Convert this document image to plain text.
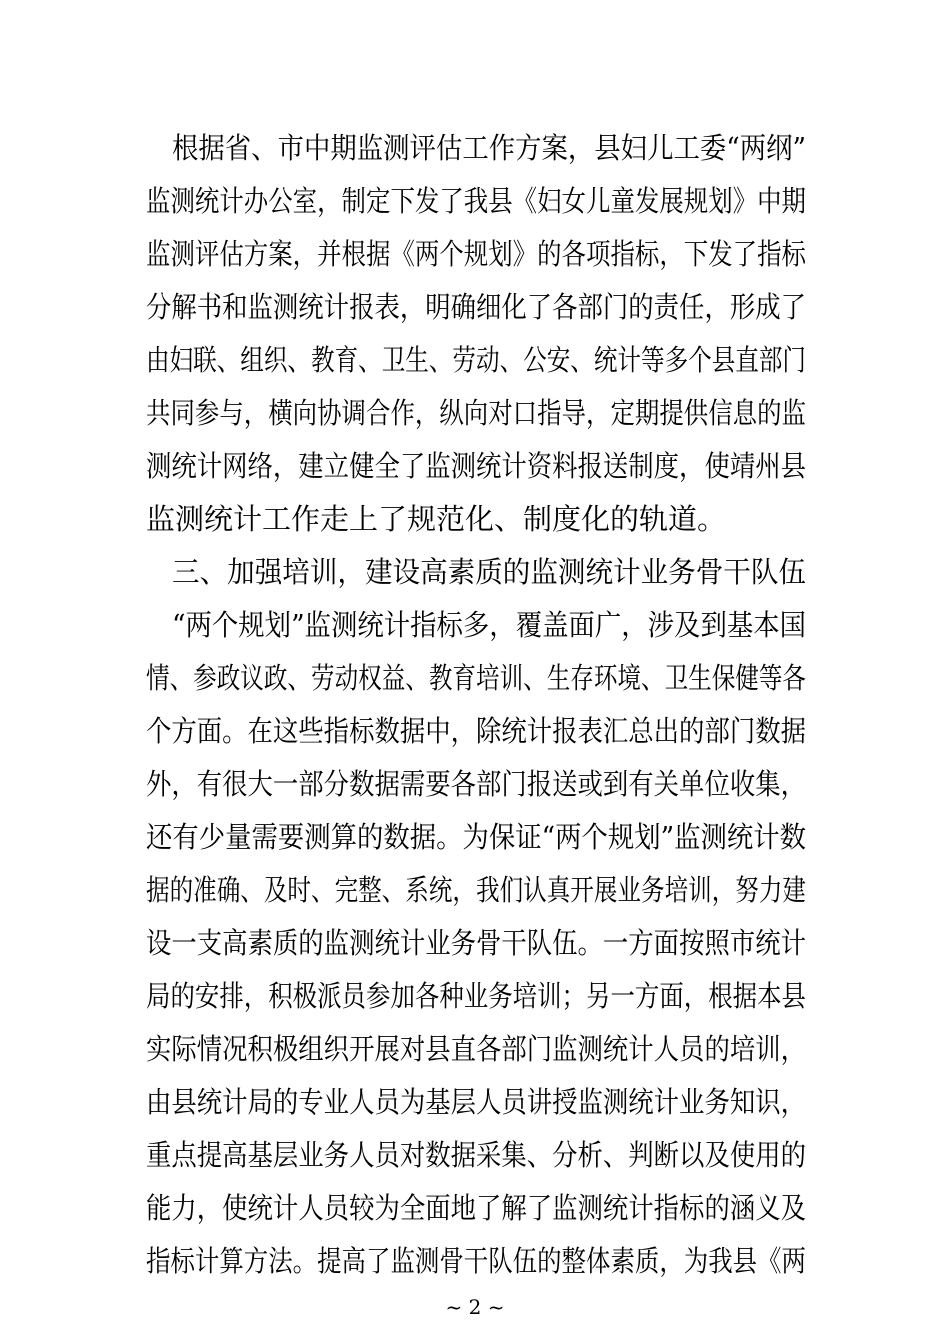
根据省、市中期监测评估工作方案，县妇儿工委“两纲”
监测统计办公室，制定下发了我县《妇女儿童发展规划》中期
监测评估方案，并根据《两个规划》的各项指标，下发了指标
分解书和监测统计报表，明确细化了各部门的责任，形成了
由妇联、组织、教育、卫生、劳动、公安、统计等多个县直部门
共同参与，横向协调合作，纵向对口指导，定期提供信息的监
测统计网络，建立健全了监测统计资料报送制度，使靖州县
监测统计工作走上了规范化、制度化的轨道。
三、加强培训，建设高素质的监测统计业务骨干队伍
“两个规划”监测统计指标多，覆盖面广，涉及到基本国
情、参政议政、劳动权益、教育培训、生存环境、卫生保健等各
个方面。在这些指标数据中，除统计报表汇总出的部门数据
外，有很大一部分数据需要各部门报送或到有关单位收集，
还有少量需要测算的数据。为保证“两个规划”监测统计数
据的准确、及时、完整、系统，我们认真开展业务培训，努力建
设一支高素质的监测统计业务骨干队伍。一方面按照市统计
局的安排，积极派员参加各种业务培训；另一方面，根据本县
实际情况积极组织开展对县直各部门监测统计人员的培训，
由县统计局的专业人员为基层人员讲授监测统计业务知识，
重点提高基层业务人员对数据采集、分析、判断以及使用的
能力，使统计人员较为全面地了解了监测统计指标的涵义及
指标计算方法。提高了监测骨干队伍的整体素质，为我县《两
~ 2 ~
